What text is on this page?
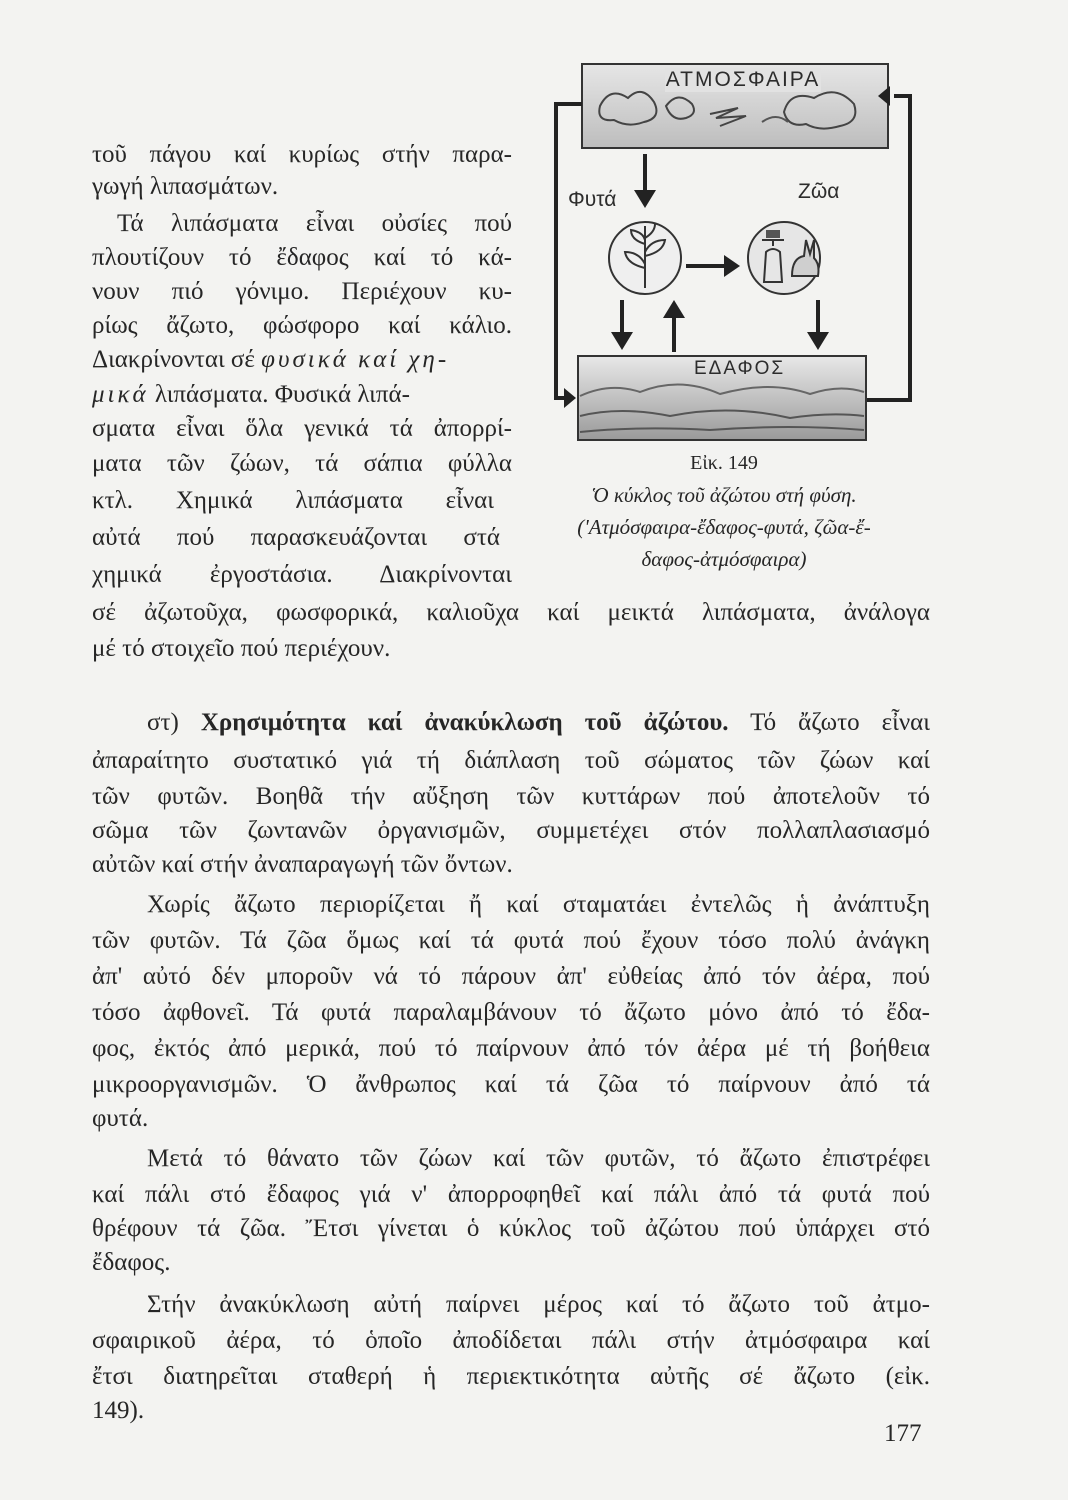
τοῦ πάγου καί κυρίως στήν παρα-
γωγή λιπασμάτων.
Τά λιπάσματα εἶναι οὐσίες πού
πλουτίζουν τό ἔδαφος καί τό κά-
νουν πιό γόνιμο. Περιέχουν κυ-
ρίως ἄζωτο, φώσφορο καί κάλιο.
Διακρίνονται σέ φυσικά καί χη-
μικά λιπάσματα. Φυσικά λιπά-
σματα εἶναι ὅλα γενικά τά ἀπορρί-
ματα τῶν ζώων, τά σάπια φύλλα
κτλ. Χημικά λιπάσματα εἶναι
αὐτά πού παρασκευάζονται στά
χημικά ἐργοστάσια. Διακρίνονται
ΑΤΜΟΣΦΑΙΡΑ
Φυτά	Ζῶα
ΕΔΑΦΟΣ
Εἰκ. 149
Ὁ κύκλος τοῦ ἀζώτου στή φύση.
('Ατμόσφαιρα-ἔδαφος-φυτά, ζῶα-ἔ-
δαφος-ἀτμόσφαιρα)
σέ ἀζωτοῦχα, φωσφορικά, καλιοῦχα καί μεικτά λιπάσματα, ἀνάλογα
μέ τό στοιχεῖο πού περιέχουν.
στ) Χρησιμότητα καί ἀνακύκλωση τοῦ ἀζώτου. Τό ἄζωτο εἶναι
ἀπαραίτητο συστατικό γιά τή διάπλαση τοῦ σώματος τῶν ζώων καί
τῶν φυτῶν. Βοηθᾶ τήν αὔξηση τῶν κυττάρων πού ἀποτελοῦν τό
σῶμα τῶν ζωντανῶν ὀργανισμῶν, συμμετέχει στόν πολλαπλασιασμό
αὐτῶν καί στήν ἀναπαραγωγή τῶν ὄντων.
Χωρίς ἄζωτο περιορίζεται ἤ καί σταματάει ἐντελῶς ἡ ἀνάπτυξη
τῶν φυτῶν. Τά ζῶα ὅμως καί τά φυτά πού ἔχουν τόσο πολύ ἀνάγκη
ἀπ' αὐτό δέν μποροῦν νά τό πάρουν ἀπ' εὐθείας ἀπό τόν ἀέρα, πού
τόσο ἀφθονεῖ. Τά φυτά παραλαμβάνουν τό ἄζωτο μόνο ἀπό τό ἔδα-
φος, ἐκτός ἀπό μερικά, πού τό παίρνουν ἀπό τόν ἀέρα μέ τή βοήθεια
μικροοργανισμῶν. Ὁ ἄνθρωπος καί τά ζῶα τό παίρνουν ἀπό τά
φυτά.
Μετά τό θάνατο τῶν ζώων καί τῶν φυτῶν, τό ἄζωτο ἐπιστρέφει
καί πάλι στό ἔδαφος γιά ν' ἀπορροφηθεῖ καί πάλι ἀπό τά φυτά πού
θρέφουν τά ζῶα. Ἔτσι γίνεται ὁ κύκλος τοῦ ἀζώτου πού ὑπάρχει στό
ἔδαφος.
Στήν ἀνακύκλωση αὐτή παίρνει μέρος καί τό ἄζωτο τοῦ ἀτμο-
σφαιρικοῦ ἀέρα, τό ὁποῖο ἀποδίδεται πάλι στήν ἀτμόσφαιρα καί
ἔτσι διατηρεῖται σταθερή ἡ περιεκτικότητα αὐτῆς σέ ἄζωτο (εἰκ.
149).
177
